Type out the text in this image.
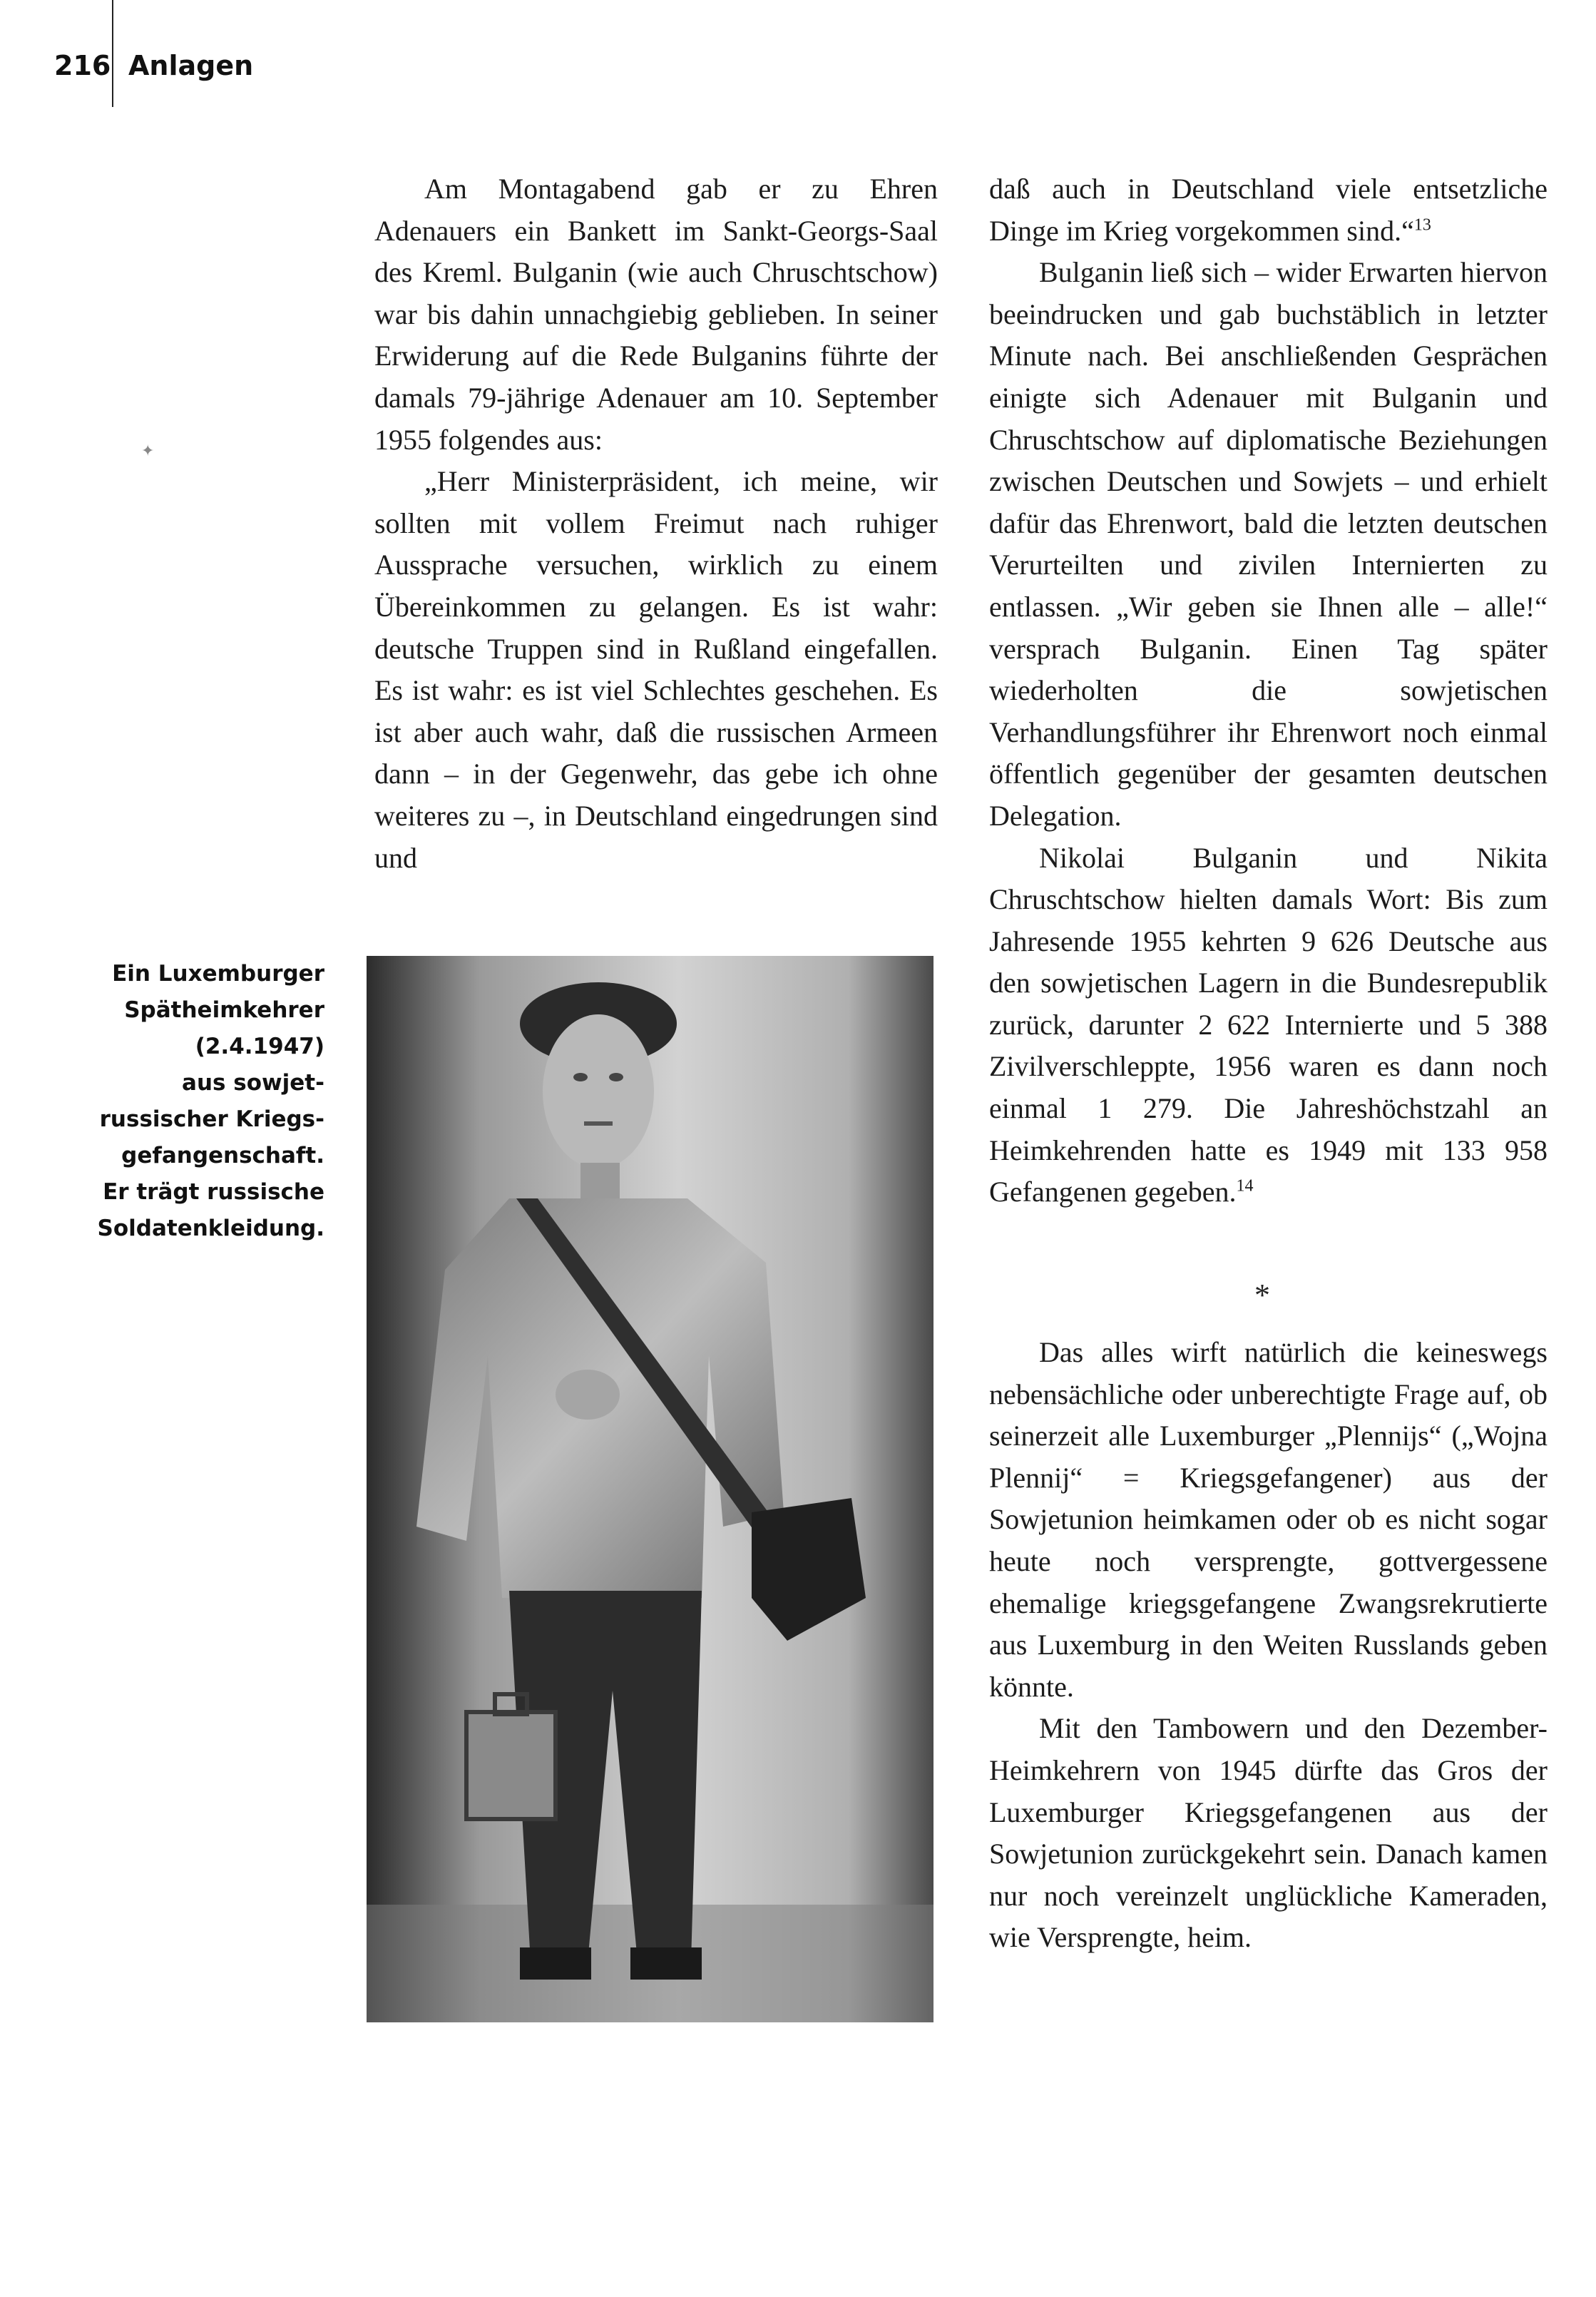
216 Anlagen
✦
Ein Luxemburger
Spätheimkehrer
(2.4.1947)
aus sowjet-
russischer Kriegs-
gefangenschaft.
Er trägt russische
Soldatenkleidung.

Am Montagabend gab er zu Ehren Adenauers ein Bankett im Sankt-Georgs-Saal des Kreml. Bulganin (wie auch Chruschtschow) war bis dahin unnachgiebig geblieben. In seiner Erwiderung auf die Rede Bulganins führte der damals 79-jährige Adenauer am 10. September 1955 folgendes aus:

„Herr Ministerpräsident, ich meine, wir sollten mit vollem Freimut nach ruhiger Aussprache versuchen, wirklich zu einem Übereinkommen zu gelangen. Es ist wahr: deutsche Truppen sind in Rußland eingefallen. Es ist wahr: es ist viel Schlechtes geschehen. Es ist aber auch wahr, daß die russischen Armeen dann – in der Gegenwehr, das gebe ich ohne weiteres zu –, in Deutschland eingedrungen sind und

daß auch in Deutschland viele entsetzliche Dinge im Krieg vorgekommen sind.“$^{13}$

Bulganin ließ sich – wider Erwarten hiervon beeindrucken und gab buchstäblich in letzter Minute nach. Bei anschließenden Gesprächen einigte sich Adenauer mit Bulganin und Chruschtschow auf diplomatische Beziehungen zwischen Deutschen und Sowjets – und erhielt dafür das Ehrenwort, bald die letzten deutschen Verurteilten und zivilen Internierten zu entlassen. „Wir geben sie Ihnen alle – alle!“ versprach Bulganin. Einen Tag später wiederholten die sowjetischen Verhandlungsführer ihr Ehrenwort noch einmal öffentlich gegenüber der gesamten deutschen Delegation.

Nikolai Bulganin und Nikita Chruschtschow hielten damals Wort: Bis zum Jahresende 1955 kehrten 9 626 Deutsche aus den sowjetischen Lagern in die Bundesrepublik zurück, darunter 2 622 Internierte und 5 388 Zivilverschleppte, 1956 waren es dann noch einmal 1 279. Die Jahreshöchstzahl an Heimkehrenden hatte es 1949 mit 133 958 Gefangenen gegeben.$^{14}$

*

Das alles wirft natürlich die keineswegs nebensächliche oder unberechtigte Frage auf, ob seinerzeit alle Luxemburger „Plennijs“ („Wojna Plennij“ = Kriegsgefangener) aus der Sowjetunion heimkamen oder ob es nicht sogar heute noch versprengte, gottvergessene ehemalige kriegsgefangene Zwangsrekrutierte aus Luxemburg in den Weiten Russlands geben könnte.

Mit den Tambowern und den Dezember-Heimkehrern von 1945 dürfte das Gros der Luxemburger Kriegsgefangenen aus der Sowjetunion zurückgekehrt sein. Danach kamen nur noch vereinzelt unglückliche Kameraden, wie Versprengte, heim.
